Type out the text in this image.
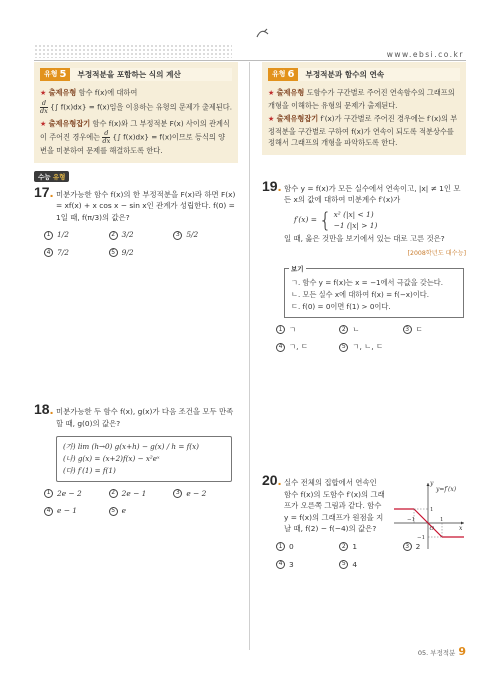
www.ebsi.co.kr
유형 5	부정적분을 포함하는 식의 계산
★ 출제유형 함수 f(x)에 대하여

$\frac{d}{dx}$ {∫ f(x)dx} = f(x)임을 이용하는 유형의 문제가 출제된다.
★ 출제유형잡기 함수 f(x)와 그 부정적분 F(x) 사이의 관계식이 주어진 경우에는 $\frac{d}{dx}$ {∫ f(x)dx} = f(x)이므로 등식의 양변을 미분하여 문제를 해결하도록 한다.
수능 유형
17. 미분가능한 함수 f(x)의 한 부정적분을 F(x)라 하면 F(x) = xf(x) + x cos x − sin x인 관계가 성립한다. f(0) = 1일 때, f(π/3)의 값은?
1 1/2	2 3/2	3 5/2
4 7/2	5 9/2
18. 미분가능한 두 함수 f(x), g(x)가 다음 조건을 모두 만족할 때, g(0)의 값은?
(가) lim (h→0) g(x+h) − g(x) / h = f(x)
(나) g(x) = (x+2)f(x) − x²eˣ
(다) f′(1) = f(1)
1 2e − 2	2 2e − 1	3 e − 2
4 e − 1	5 e
유형 6	부정적분과 함수의 연속
★ 출제유형 도함수가 구간별로 주어진 연속함수의 그래프의 개형을 이해하는 유형의 문제가 출제된다.
★ 출제유형잡기 f′(x)가 구간별로 주어진 경우에는 f′(x)의 부정적분을 구간별로 구하여 f(x)가 연속이 되도록 적분상수를 정해서 그래프의 개형을 파악하도록 한다.
19. 함수 y = f(x)가 모든 실수에서 연속이고, |x| ≠ 1인 모든 x의 값에 대하여 미분계수 f′(x)가
f′(x) = { x² (|x| < 1)
−1 (|x| > 1)
일 때, 옳은 것만을 보기에서 있는 대로 고른 것은?
[2008학년도 대수능]
보기
ㄱ. 함수 y = f(x)는 x = −1에서 극값을 갖는다.
ㄴ. 모든 실수 x에 대하여 f(x) = f(−x)이다.
ㄷ. f(0) = 0이면 f(1) > 0이다.
1 ㄱ	2 ㄴ	3 ㄷ
4 ㄱ, ㄷ	5 ㄱ, ㄴ, ㄷ
20. 실수 전체의 집합에서 연속인 함수 f(x)의 도함수 f′(x)의 그래프가 오른쪽 그림과 같다. 함수 y = f(x)의 그래프가 원점을 지날 때, f(2) − f(−4)의 값은?
y=f′(x)
y
x
O
−1	1
1
−1
1 0	2 1	3 2
4 3	5 4
05. 부정적분 9
